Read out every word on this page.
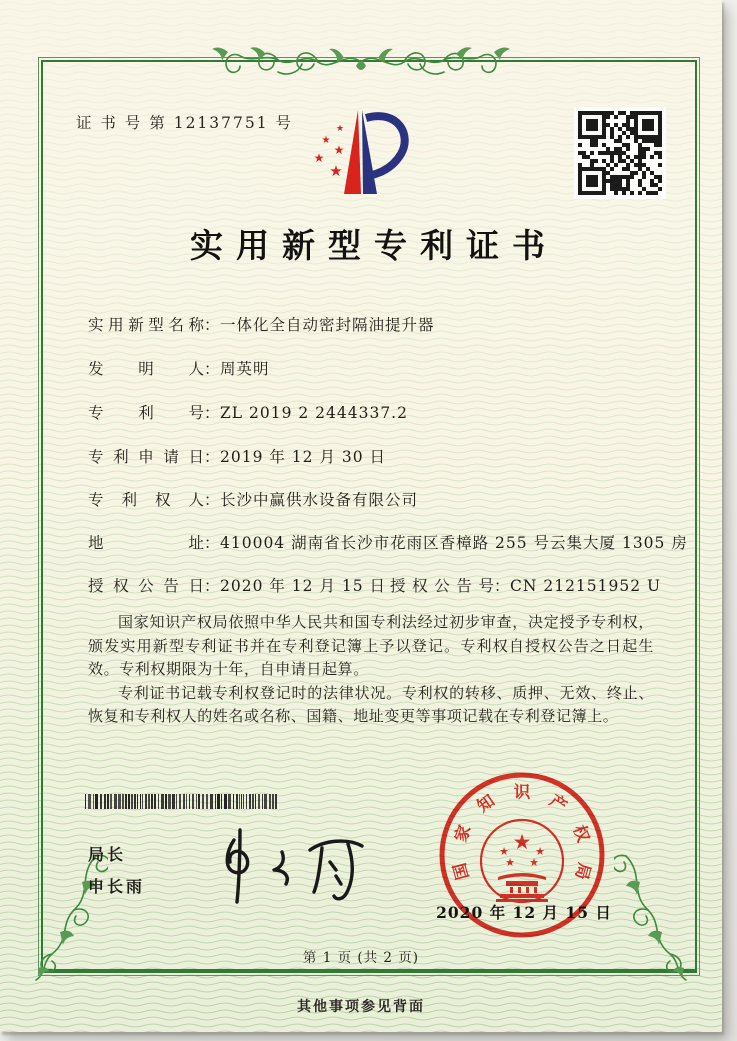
证 书 号 第 12137751 号	★
★
★
★
★
实用新型专利证书
实用新型名称：一体化全自动密封隔油提升器
发明人：周英明
专利号：ZL 2019 2 2444337.2
专利申请日：2019 年 12 月 30 日
专利权人：长沙中赢供水设备有限公司
地址：410004 湖南省长沙市花雨区香樟路 255 号云集大厦 1305 房
授权公告日：2020 年 12 月 15 日 授权公告号：CN 212151952 U

国家知识产权局依照中华人民共和国专利法经过初步审查，决定授予专利权，颁发实用新型专利证书并在专利登记簿上予以登记。专利权自授权公告之日起生效。专利权期限为十年，自申请日起算。

专利证书记载专利权登记时的法律状况。专利权的转移、质押、无效、终止、恢复和专利权人的姓名或名称、国籍、地址变更等事项记载在专利登记簿上。

局长
申长雨
国
家
知 识 产
权
局
★
★ ★
★ ★
2020 年 12 月 15 日
第 1 页 (共 2 页)
其他事项参见背面
